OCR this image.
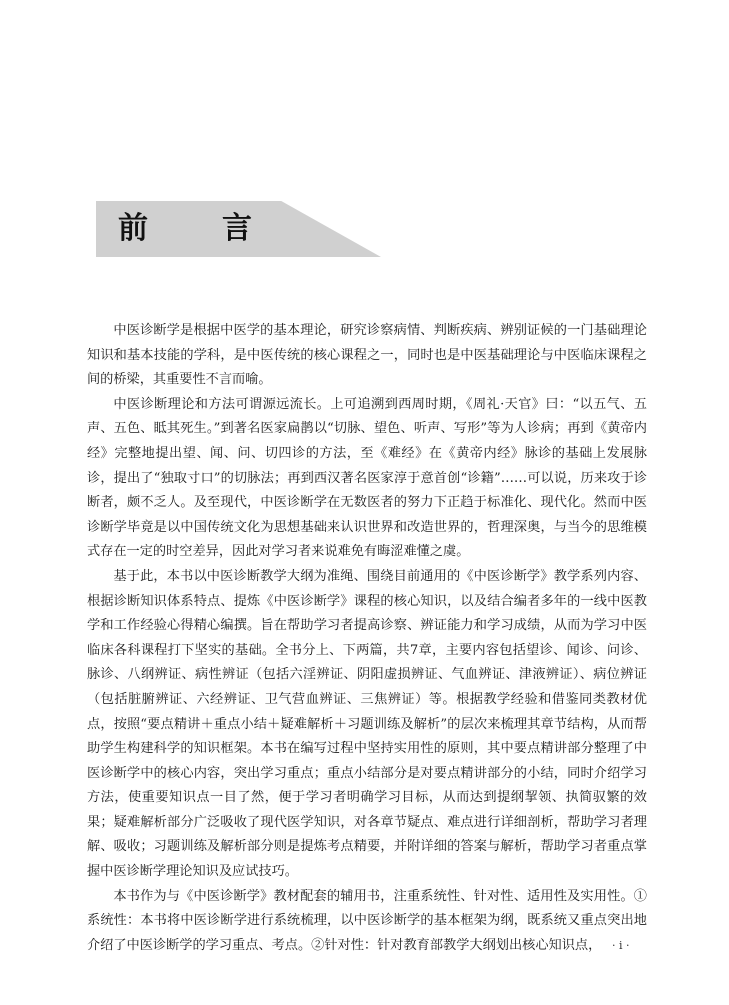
前　言

中医诊断学是根据中医学的基本理论，研究诊察病情、判断疾病、辨别证候的一门基础理论知识和基本技能的学科，是中医传统的核心课程之一，同时也是中医基础理论与中医临床课程之间的桥梁，其重要性不言而喻。

中医诊断理论和方法可谓源远流长。上可追溯到西周时期，《周礼·天官》曰：“以五气、五声、五色、眡其死生。”到著名医家扁鹊以“切脉、望色、听声、写形”等为人诊病；再到《黄帝内经》完整地提出望、闻、问、切四诊的方法，至《难经》在《黄帝内经》脉诊的基础上发展脉诊，提出了“独取寸口”的切脉法；再到西汉著名医家淳于意首创“诊籍”……可以说，历来攻于诊断者，颇不乏人。及至现代，中医诊断学在无数医者的努力下正趋于标准化、现代化。然而中医诊断学毕竟是以中国传统文化为思想基础来认识世界和改造世界的，哲理深奥，与当今的思维模式存在一定的时空差异，因此对学习者来说难免有晦涩难懂之虞。

基于此，本书以中医诊断教学大纲为准绳、围绕目前通用的《中医诊断学》教学系列内容、根据诊断知识体系特点、提炼《中医诊断学》课程的核心知识，以及结合编者多年的一线中医教学和工作经验心得精心编撰。旨在帮助学习者提高诊察、辨证能力和学习成绩，从而为学习中医临床各科课程打下坚实的基础。全书分上、下两篇，共7章，主要内容包括望诊、闻诊、问诊、脉诊、八纲辨证、病性辨证（包括六淫辨证、阴阳虚损辨证、气血辨证、津液辨证）、病位辨证（包括脏腑辨证、六经辨证、卫气营血辨证、三焦辨证）等。根据教学经验和借鉴同类教材优点，按照“要点精讲＋重点小结＋疑难解析＋习题训练及解析”的层次来梳理其章节结构，从而帮助学生构建科学的知识框架。本书在编写过程中坚持实用性的原则，其中要点精讲部分整理了中医诊断学中的核心内容，突出学习重点；重点小结部分是对要点精讲部分的小结，同时介绍学习方法，使重要知识点一目了然，便于学习者明确学习目标，从而达到提纲挈领、执简驭繁的效果；疑难解析部分广泛吸收了现代医学知识，对各章节疑点、难点进行详细剖析，帮助学习者理解、吸收；习题训练及解析部分则是提炼考点精要，并附详细的答案与解析，帮助学习者重点掌握中医诊断学理论知识及应试技巧。

本书作为与《中医诊断学》教材配套的辅用书，注重系统性、针对性、适用性及实用性。①系统性：本书将中医诊断学进行系统梳理，以中医诊断学的基本框架为纲，既系统又重点突出地介绍了中医诊断学的学习重点、考点。②针对性：针对教育部教学大纲划出核心知识点， · i ·
